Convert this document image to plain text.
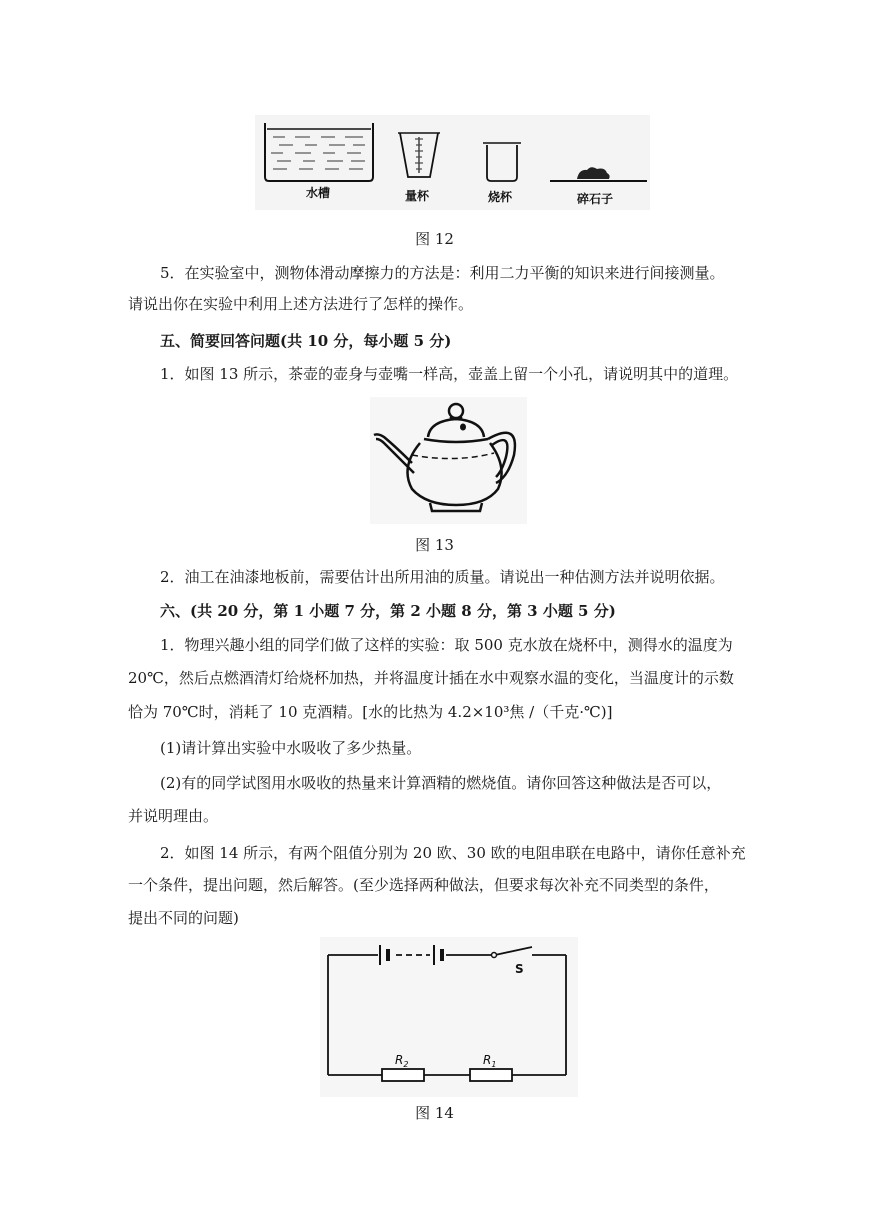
水槽	量杯	烧杯	碎石子
图 12
5．在实验室中，测物体滑动摩擦力的方法是：利用二力平衡的知识来进行间接测量。
请说出你在实验中利用上述方法进行了怎样的操作。
五、简要回答问题(共 10 分，每小题 5 分)
1．如图 13 所示，茶壶的壶身与壶嘴一样高，壶盖上留一个小孔，请说明其中的道理。
图 13
2．油工在油漆地板前，需要估计出所用油的质量。请说出一种估测方法并说明依据。
六、(共 20 分，第 1 小题 7 分，第 2 小题 8 分，第 3 小题 5 分)
1．物理兴趣小组的同学们做了这样的实验：取 500 克水放在烧杯中，测得水的温度为
20℃，然后点燃酒清灯给烧杯加热，并将温度计插在水中观察水温的变化，当温度计的示数
恰为 70℃时，消耗了 10 克酒精。[水的比热为 4.2×10³焦 /（千克·℃)]
(1)请计算出实验中水吸收了多少热量。
(2)有的同学试图用水吸收的热量来计算酒精的燃烧值。请你回答这种做法是否可以，
并说明理由。
2．如图 14 所示，有两个阻值分别为 20 欧、30 欧的电阻串联在电路中，请你任意补充
一个条件，提出问题，然后解答。(至少选择两种做法，但要求每次补充不同类型的条件，
提出不同的问题)
S
$R_2$	$R_1$
图 14
